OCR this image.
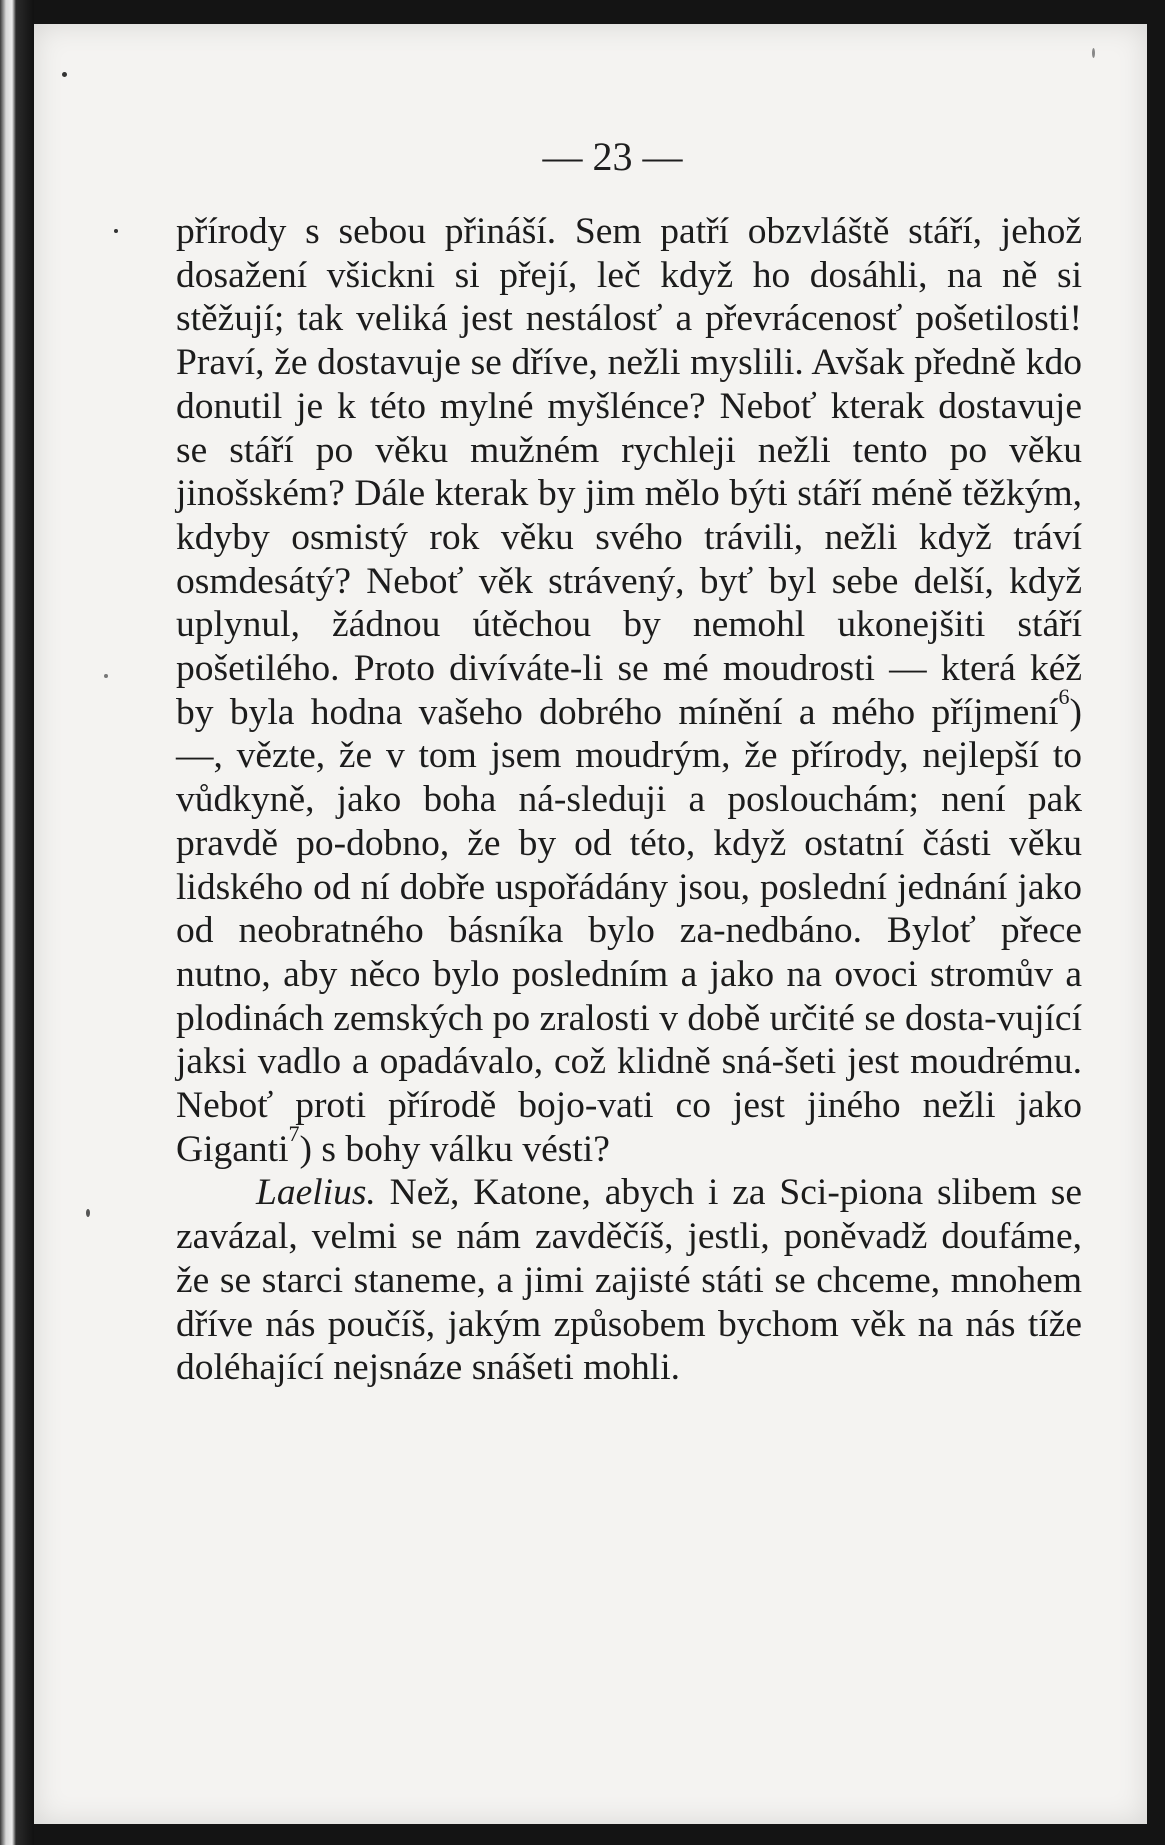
— 23 —

přírody s sebou přináší. Sem patří obzvláště stáří, jehož dosažení všickni si přejí, leč když ho dosáhli, na ně si stěžují; tak veliká jest nestálosť a převrácenosť pošetilosti! Praví, že dostavuje se dříve, nežli myslili. Avšak předně kdo donutil je k této mylné myšlénce? Neboť kterak dostavuje se stáří po věku mužném rychleji nežli tento po věku jinošském? Dále kterak by jim mělo býti stáří méně těžkým, kdyby osmistý rok věku svého trávili, nežli když tráví osmdesátý? Neboť věk strávený, byť byl sebe delší, když uplynul, žádnou útěchou by nemohl ukonejšiti stáří pošetilého. Proto divíváte-li se mé moudrosti — která kéž by byla hodna vašeho dobrého mínění a mého příjmení$^6$) —, vězte, že v tom jsem moudrým, že přírody, nejlepší to vůdkyně, jako boha ná-sleduji a poslouchám; není pak pravdě po-dobno, že by od této, když ostatní části věku lidského od ní dobře uspořádány jsou, poslední jednání jako od neobratného básníka bylo za-nedbáno. Byloť přece nutno, aby něco bylo posledním a jako na ovoci stromův a plodinách zemských po zralosti v době určité se dosta-vující jaksi vadlo a opadávalo, což klidně sná-šeti jest moudrému. Neboť proti přírodě bojo-vati co jest jiného nežli jako Giganti$^7$) s bohy válku vésti?

Laelius. Než, Katone, abych i za Sci-piona slibem se zavázal, velmi se nám zavděčíš, jestli, poněvadž doufáme, že se starci staneme, a jimi zajisté státi se chceme, mnohem dříve nás poučíš, jakým způsobem bychom věk na nás tíže doléhající nejsnáze snášeti mohli.
